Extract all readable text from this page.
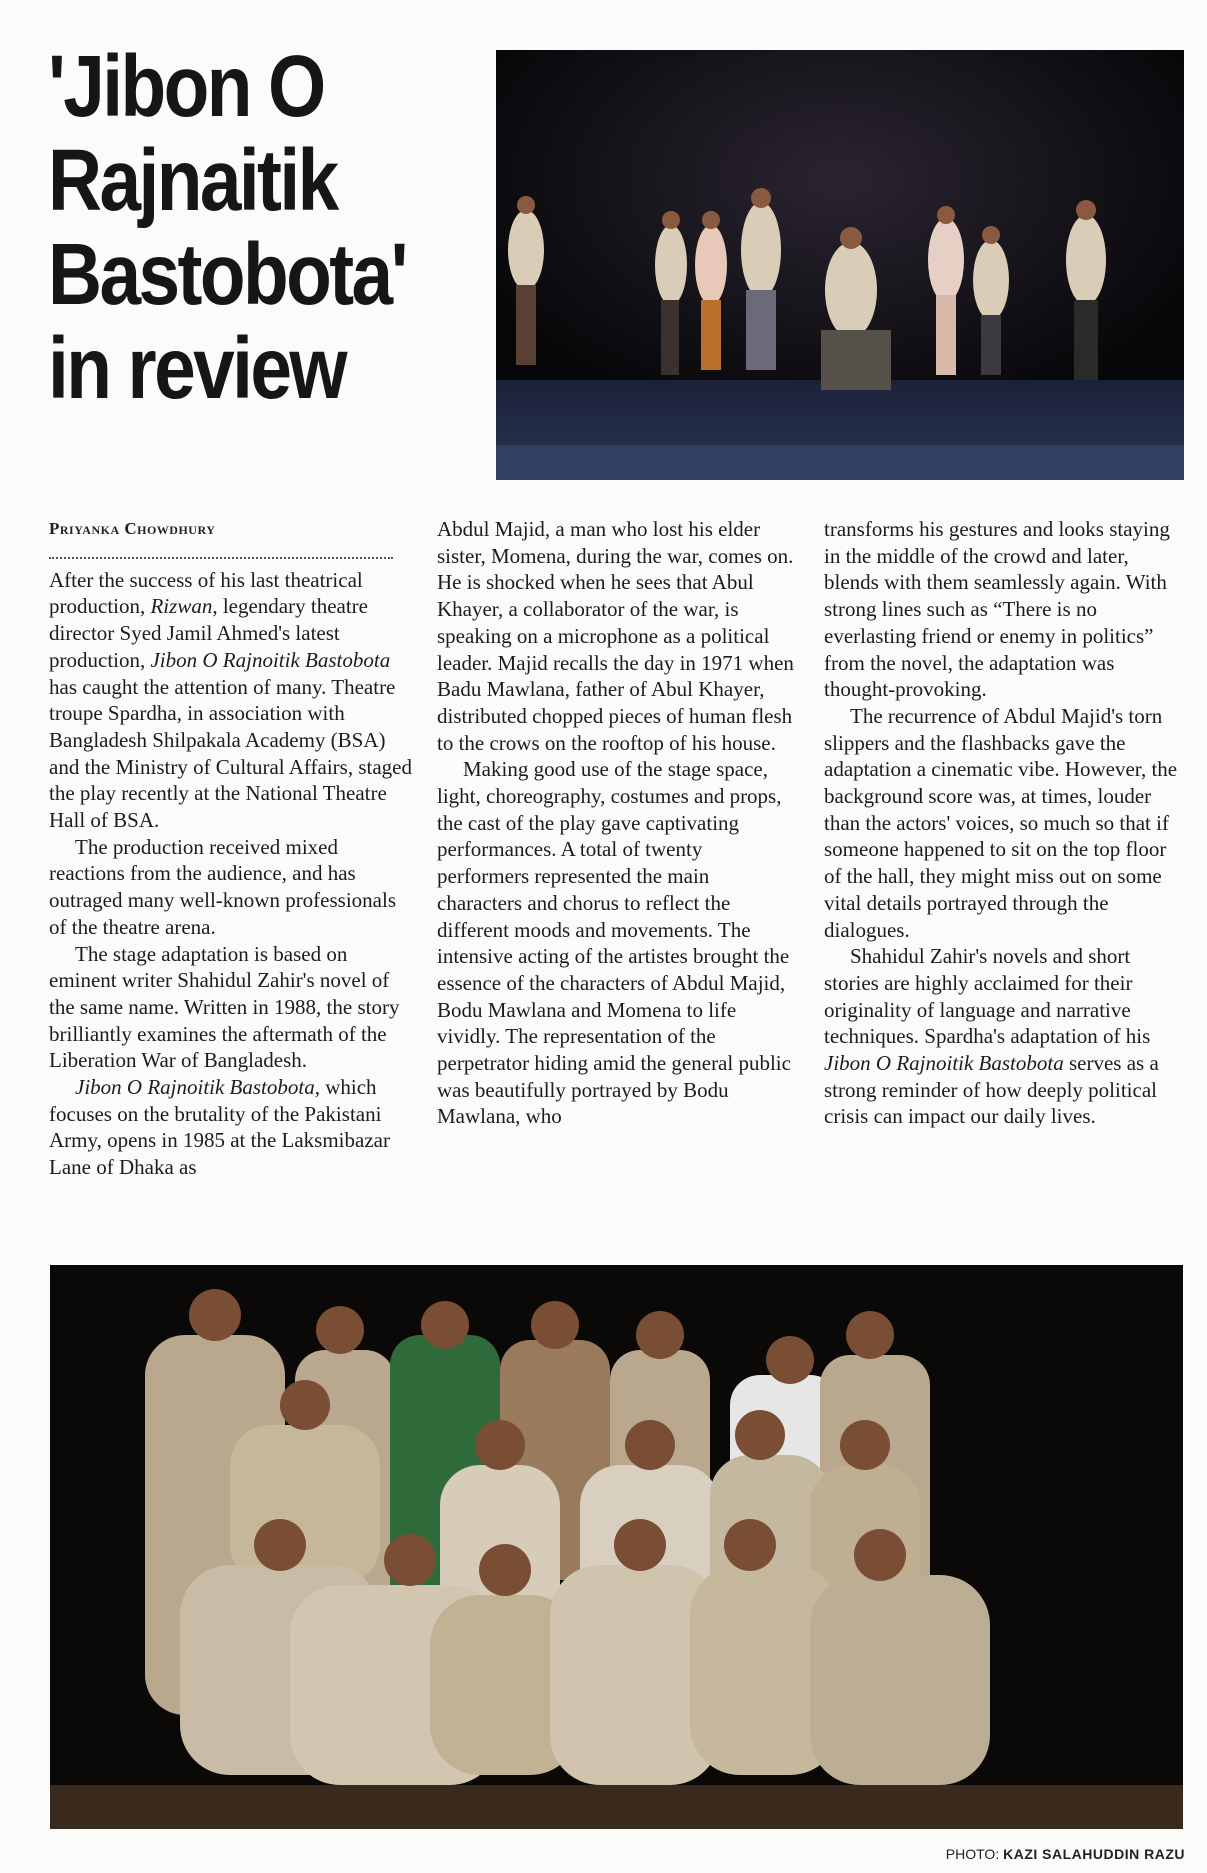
'Jibon O Rajnaitik Bastobota' in review
Priyanka Chowdhury

After the success of his last theatrical production, Rizwan, legendary theatre director Syed Jamil Ahmed's latest production, Jibon O Rajnoitik Bastobota has caught the attention of many. Theatre troupe Spardha, in association with Bangladesh Shilpakala Academy (BSA) and the Ministry of Cultural Affairs, staged the play recently at the National Theatre Hall of BSA.

The production received mixed reactions from the audience, and has outraged many well-known professionals of the theatre arena.

The stage adaptation is based on eminent writer Shahidul Zahir's novel of the same name. Written in 1988, the story brilliantly examines the aftermath of the Liberation War of Bangladesh.

Jibon O Rajnoitik Bastobota, which focuses on the brutality of the Pakistani Army, opens in 1985 at the Laksmibazar Lane of Dhaka as

Abdul Majid, a man who lost his elder sister, Momena, during the war, comes on. He is shocked when he sees that Abul Khayer, a collaborator of the war, is speaking on a microphone as a political leader. Majid recalls the day in 1971 when Badu Mawlana, father of Abul Khayer, distributed chopped pieces of human flesh to the crows on the rooftop of his house.

Making good use of the stage space, light, choreography, costumes and props, the cast of the play gave captivating performances. A total of twenty performers represented the main characters and chorus to reflect the different moods and movements. The intensive acting of the artistes brought the essence of the characters of Abdul Majid, Bodu Mawlana and Momena to life vividly. The representation of the perpetrator hiding amid the general public was beautifully portrayed by Bodu Mawlana, who

transforms his gestures and looks staying in the middle of the crowd and later, blends with them seamlessly again. With strong lines such as “There is no everlasting friend or enemy in politics” from the novel, the adaptation was thought-provoking.

The recurrence of Abdul Majid's torn slippers and the flashbacks gave the adaptation a cinematic vibe. However, the background score was, at times, louder than the actors' voices, so much so that if someone happened to sit on the top floor of the hall, they might miss out on some vital details portrayed through the dialogues.

Shahidul Zahir's novels and short stories are highly acclaimed for their originality of language and narrative techniques. Spardha's adaptation of his Jibon O Rajnoitik Bastobota serves as a strong reminder of how deeply political crisis can impact our daily lives.

PHOTO: KAZI SALAHUDDIN RAZU
